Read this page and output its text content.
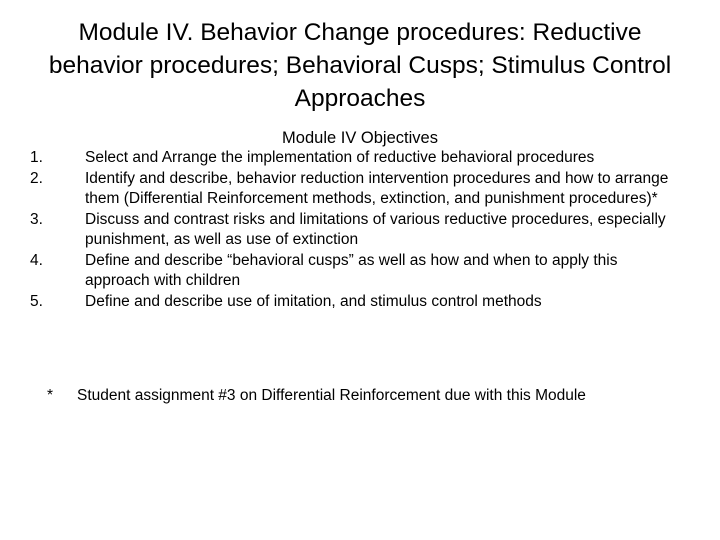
Module IV. Behavior Change procedures: Reductive behavior procedures; Behavioral Cusps; Stimulus Control Approaches
Module IV Objectives
1.	Select and Arrange the implementation of reductive behavioral procedures
2.	Identify and describe, behavior reduction intervention procedures and how to arrange them (Differential Reinforcement methods, extinction, and punishment procedures)*
3.	Discuss and contrast risks and limitations of various reductive procedures, especially punishment, as well as use of extinction
4.	Define and describe “behavioral cusps” as well as how and when to apply this approach with children
5.	Define and describe use of imitation, and stimulus control methods
*	Student assignment #3 on Differential Reinforcement due with this Module
